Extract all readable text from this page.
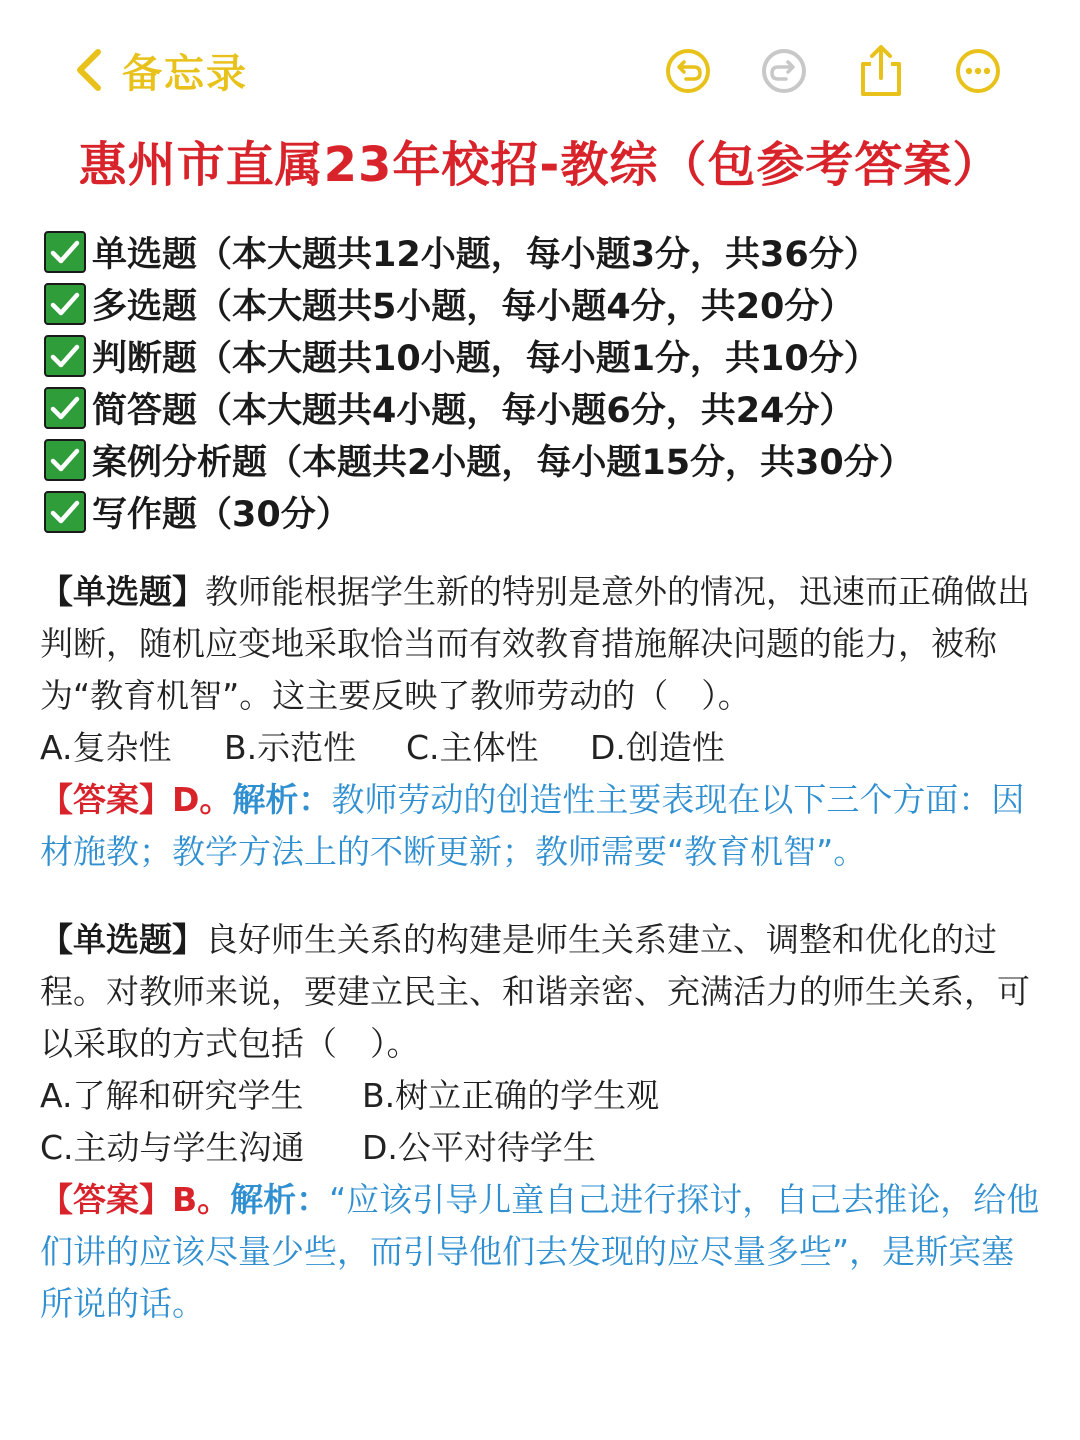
备忘录
惠州市直属23年校招-教综（包参考答案）
单选题（本大题共12小题，每小题3分，共36分）
多选题（本大题共5小题，每小题4分，共20分）
判断题（本大题共10小题，每小题1分，共10分）
简答题（本大题共4小题，每小题6分，共24分）
案例分析题（本题共2小题，每小题15分，共30分）
写作题（30分）

【单选题】教师能根据学生新的特别是意外的情况，迅速而正确做出判断，随机应变地采取恰当而有效教育措施解决问题的能力，被称为“教育机智”。这主要反映了教师劳动的（　）。

A.复杂性 B.示范性 C.主体性 D.创造性

【答案】D。解析：教师劳动的创造性主要表现在以下三个方面：因材施教；教学方法上的不断更新；教师需要“教育机智”。

【单选题】良好师生关系的构建是师生关系建立、调整和优化的过程。对教师来说，要建立民主、和谐亲密、充满活力的师生关系，可以采取的方式包括（　）。

A.了解和研究学生 B.树立正确的学生观

C.主动与学生沟通 D.公平对待学生

【答案】B。解析：“应该引导儿童自己进行探讨，自己去推论，给他们讲的应该尽量少些，而引导他们去发现的应尽量多些”，是斯宾塞所说的话。
